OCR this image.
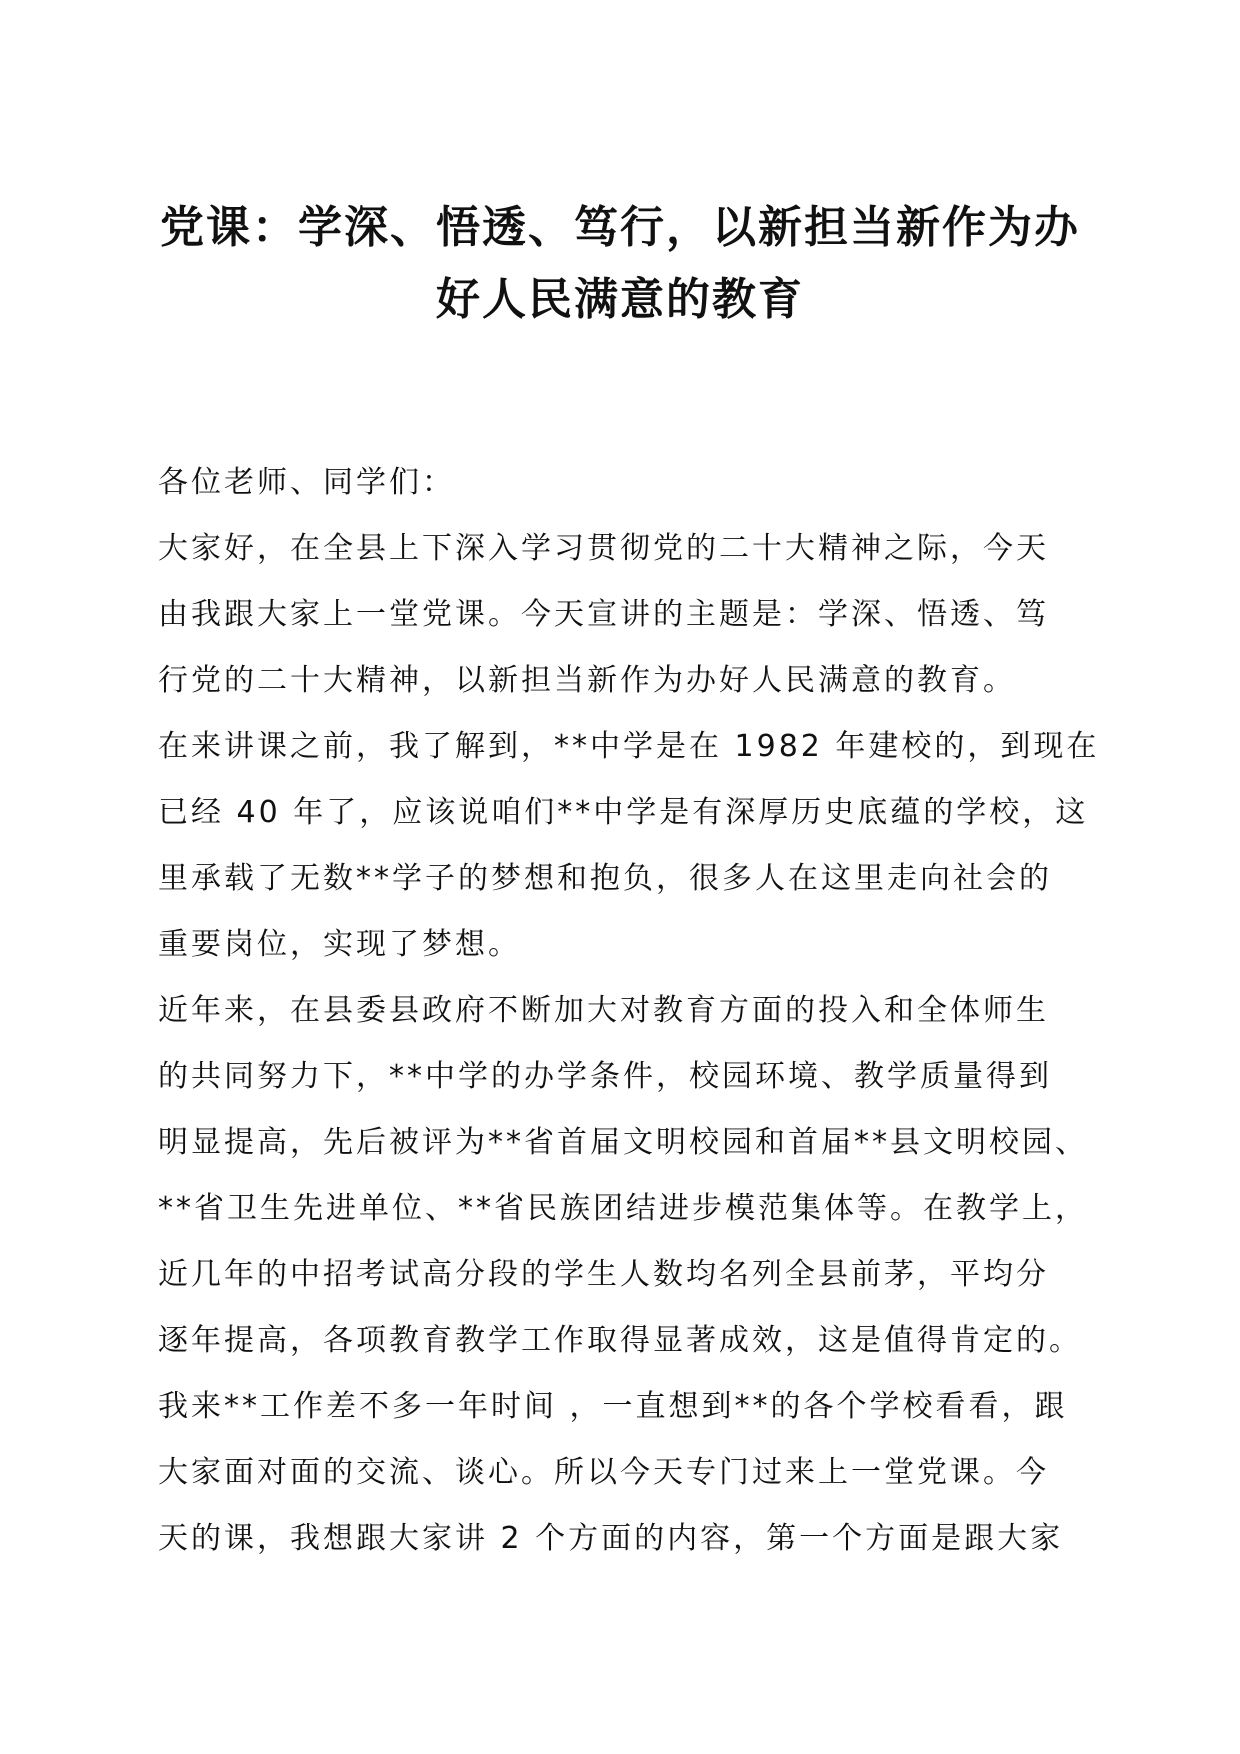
党课：学深、悟透、笃行，以新担当新作为办
好人民满意的教育

各位老师、同学们：

大家好，在全县上下深入学习贯彻党的二十大精神之际，今天
由我跟大家上一堂党课。今天宣讲的主题是：学深、悟透、笃
行党的二十大精神，以新担当新作为办好人民满意的教育。

在来讲课之前，我了解到，**中学是在 1982 年建校的，到现在
已经 40 年了，应该说咱们**中学是有深厚历史底蕴的学校，这
里承载了无数**学子的梦想和抱负，很多人在这里走向社会的
重要岗位，实现了梦想。

近年来，在县委县政府不断加大对教育方面的投入和全体师生
的共同努力下，**中学的办学条件，校园环境、教学质量得到
明显提高，先后被评为**省首届文明校园和首届**县文明校园、
**省卫生先进单位、**省民族团结进步模范集体等。在教学上，
近几年的中招考试高分段的学生人数均名列全县前茅，平均分
逐年提高，各项教育教学工作取得显著成效，这是值得肯定的。

我来**工作差不多一年时间 ，一直想到**的各个学校看看，跟
大家面对面的交流、谈心。所以今天专门过来上一堂党课。今
天的课，我想跟大家讲 2 个方面的内容，第一个方面是跟大家
